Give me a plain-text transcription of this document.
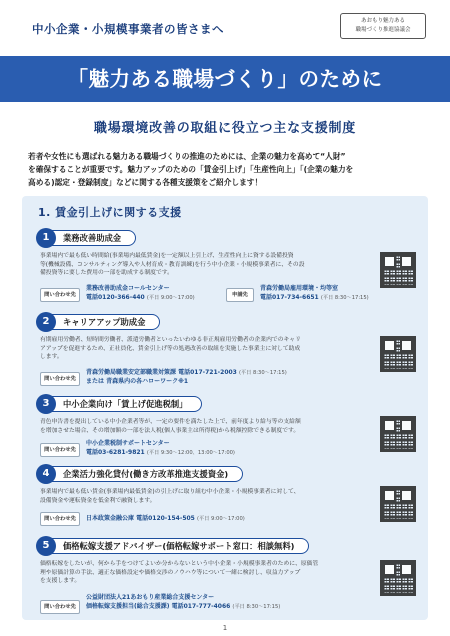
中小企業・小規模事業者の皆さまへ
あおもり魅力ある
職場づくり推進協議会
「魅力ある職場づくり」のために
職場環境改善の取組に役立つ主な支援制度

若者や女性にも選ばれる魅力ある職場づくりの推進のためには、企業の魅力を高めて“人財”

を確保することが重要です。魅力アップのための「賃金引上げ」「生産性向上」「(企業の魅力を

高める)認定・登録制度」などに関する各種支援策をご紹介します！

1. 賃金引上げに関する支援
1	業務改善助成金
事業場内で最も低い時間給(事業場内最低賃金)を一定額以上引上げ、生産性向上に資する設備投資
等(機械設備、コンサルティング導入や人材育成・教育訓練)を行う中小企業・小規模事業者に、その設
備投資等に要した費用の一部を助成する制度です。
問い合わせ先
業務改善助成金コールセンター
電話0120-366-440 (平日 9:00～17:00)	申請先
青森労働局雇用環境・均等室
電話017-734-6651 (平日 8:30～17:15)
2	キャリアアップ助成金
有期雇用労働者、短時間労働者、派遣労働者といったいわゆる非正規雇用労働者の企業内でのキャリ
アアップを促進するため、正社員化、賃金引上げ等の処遇改善の取組を実施した事業主に対して助成
します。
問い合わせ先
青森労働局職業安定部職業対策課 電話017-721-2003 (平日 8:30～17:15)
または 青森県内の各ハローワーク※1
3	中小企業向け「賃上げ促進税制」
青色申告書を提出している中小企業者等が、一定の要件を満たした上で、前年度より給与等の支給額
を増加させた場合、その増加額の一部を法人税(個人事業主は所得税)から税額控除できる制度です。
問い合わせ先
中小企業税制サポートセンター
電話03-6281-9821 (平日 9:30～12:00、13:00～17:00)
4	企業活力強化貸付(働き方改革推進支援資金)
事業場内で最も低い賃金(事業場内最低賃金)の引上げに取り組む中小企業・小規模事業者に対して、
設備資金や運転資金を低金利で融資します。
問い合わせ先	日本政策金融公庫 電話0120-154-505 (平日 9:00～17:00)
5	価格転嫁支援アドバイザー(価格転嫁サポート窓口：相談無料)
価格転嫁をしたいが、何から手をつけてよいか分からないという中小企業・小規模事業者のために、原価管
理や原価計算の手法、適正な価格設定や価格交渉のノウハウ等について一緒に検討し、収益力アップ
を支援します。
問い合わせ先
公益財団法人21あおもり産業総合支援センター
価格転嫁支援担当(総合支援課) 電話017-777-4066 (平日 8:30～17:15)
1
